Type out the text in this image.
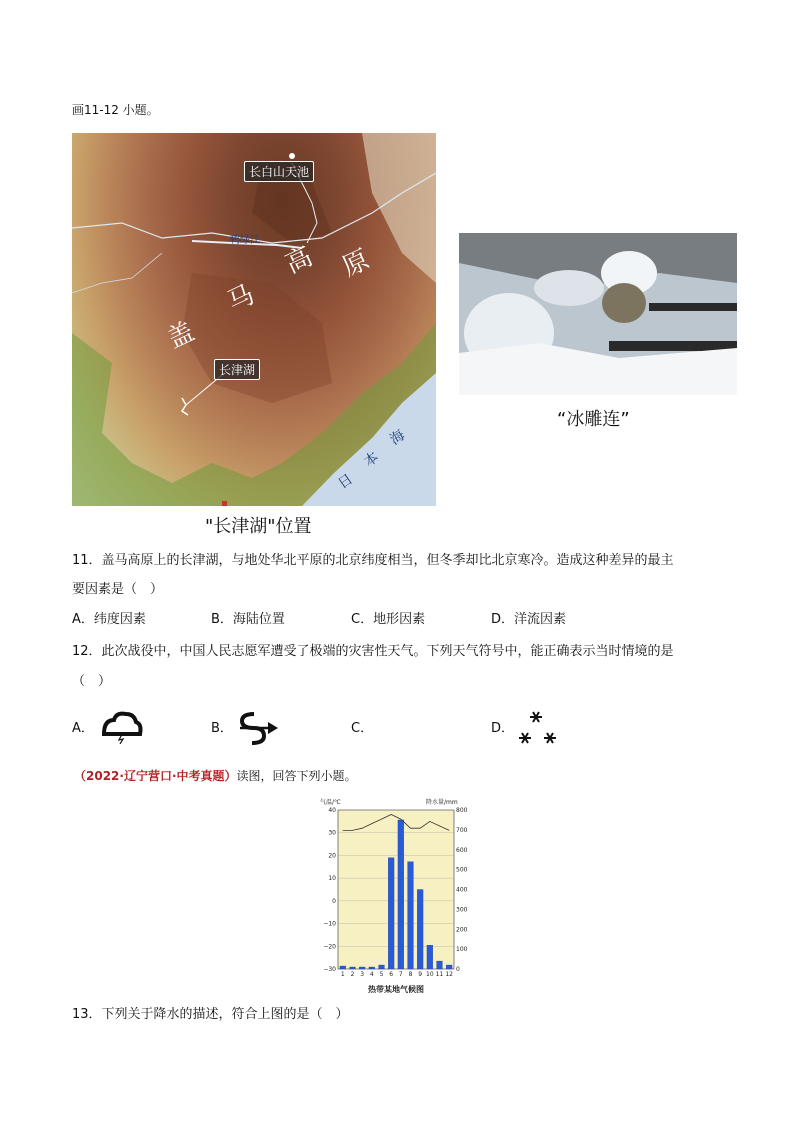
画11-12 小题。
长白山天池
鸭绿江
盖
马
高 原
长津湖
日
本
海
"长津湖"位置
“冰雕连”
11．盖马高原上的长津湖，与地处华北平原的北京纬度相当，但冬季却比北京寒冷。造成这种差异的最主
要因素是（　）
A．纬度因素	B．海陆位置	C．地形因素	D．洋流因素
12．此次战役中，中国人民志愿军遭受了极端的灾害性天气。下列天气符号中，能正确表示当时情境的是
（　）
A．	B．	C．	D．
（2022·辽宁营口·中考真题）读图，回答下列小题。
气温/℃	降水量/mm
40
30
20
10
0
−10
−20
−30
800
700
600
500
400
300
200
100
0
1 2 3 4 5 6 7 8 9 10 11 12
热带某地气候图
13．下列关于降水的描述，符合上图的是（　）
